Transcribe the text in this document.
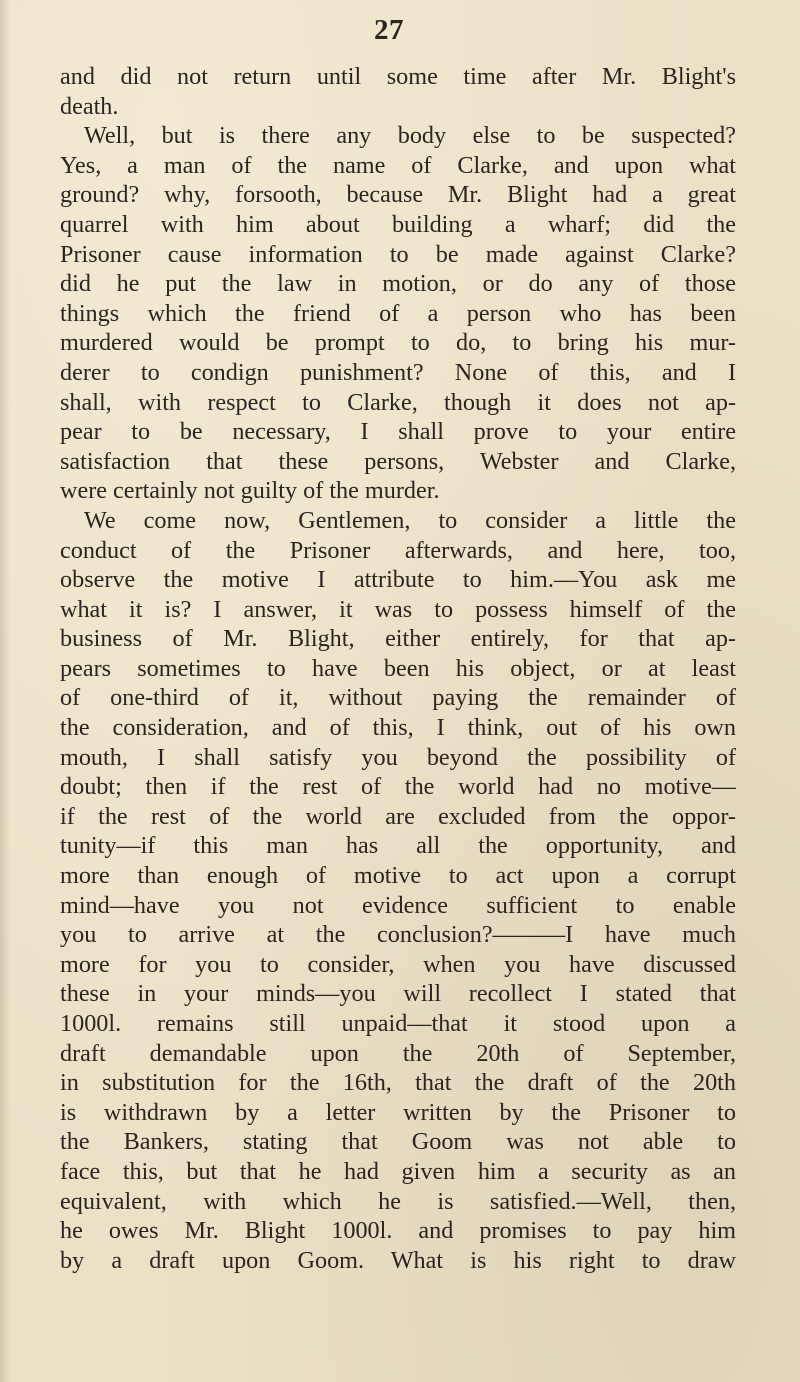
27

and did not return until some time after Mr. Blight's
death.
Well, but is there any body else to be suspected?
Yes, a man of the name of Clarke, and upon what
ground? why, forsooth, because Mr. Blight had a great
quarrel with him about building a wharf; did the
Prisoner cause information to be made against Clarke?
did he put the law in motion, or do any of those
things which the friend of a person who has been
murdered would be prompt to do, to bring his mur-
derer to condign punishment? None of this, and I
shall, with respect to Clarke, though it does not ap-
pear to be necessary, I shall prove to your entire
satisfaction that these persons, Webster and Clarke,
were certainly not guilty of the murder.
We come now, Gentlemen, to consider a little the
conduct of the Prisoner afterwards, and here, too,
observe the motive I attribute to him.—You ask me
what it is? I answer, it was to possess himself of the
business of Mr. Blight, either entirely, for that ap-
pears sometimes to have been his object, or at least
of one-third of it, without paying the remainder of
the consideration, and of this, I think, out of his own
mouth, I shall satisfy you beyond the possibility of
doubt; then if the rest of the world had no motive—
if the rest of the world are excluded from the oppor-
tunity—if this man has all the opportunity, and
more than enough of motive to act upon a corrupt
mind—have you not evidence sufficient to enable
you to arrive at the conclusion?———I have much
more for you to consider, when you have discussed
these in your minds—you will recollect I stated that
1000l. remains still unpaid—that it stood upon a
draft demandable upon the 20th of September,
in substitution for the 16th, that the draft of the 20th
is withdrawn by a letter written by the Prisoner to
the Bankers, stating that Goom was not able to
face this, but that he had given him a security as an
equivalent, with which he is satisfied.—Well, then,
he owes Mr. Blight 1000l. and promises to pay him
by a draft upon Goom. What is his right to draw
